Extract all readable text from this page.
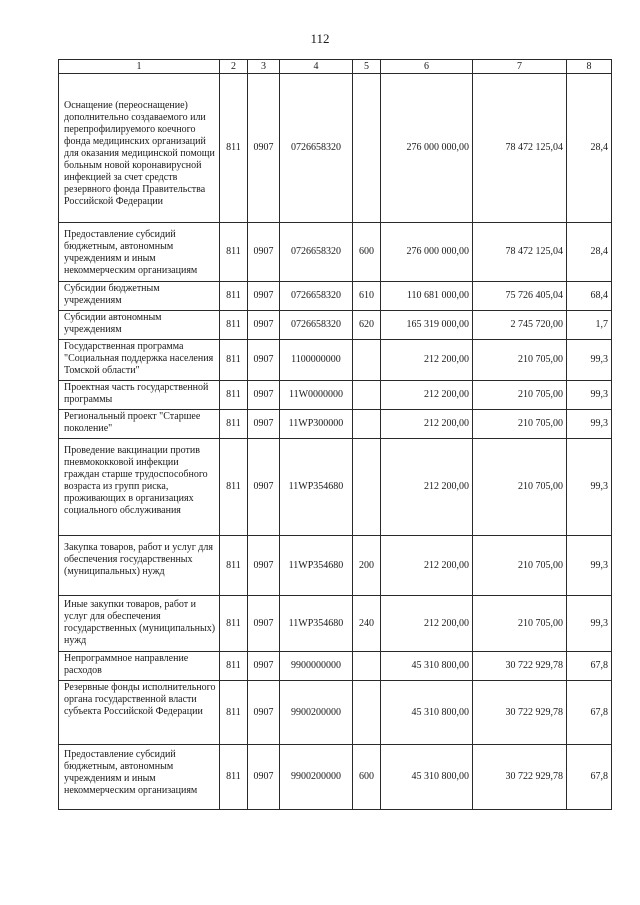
112
1	2	3	4	5	6	7	8
Оснащение (переоснащение) дополнительно создаваемого или перепрофилируемого коечного фонда медицинских организаций для оказания медицинской помощи больным новой коронавирусной инфекцией за счет средств резервного фонда Правительства Российской Федерации	811	0907	0726658320		276 000 000,00	78 472 125,04	28,4
Предоставление субсидий бюджетным, автономным учреждениям и иным некоммерческим организациям	811	0907	0726658320	600	276 000 000,00	78 472 125,04	28,4
Субсидии бюджетным учреждениям	811	0907	0726658320	610	110 681 000,00	75 726 405,04	68,4
Субсидии автономным учреждениям	811	0907	0726658320	620	165 319 000,00	2 745 720,00	1,7
Государственная программа "Социальная поддержка населения Томской области"	811	0907	1100000000		212 200,00	210 705,00	99,3
Проектная часть государственной программы	811	0907	11W0000000		212 200,00	210 705,00	99,3
Региональный проект "Старшее поколение"	811	0907	11WP300000		212 200,00	210 705,00	99,3
Проведение вакцинации против пневмококковой инфекции граждан старше трудоспособного возраста из групп риска, проживающих в организациях социального обслуживания	811	0907	11WP354680		212 200,00	210 705,00	99,3
Закупка товаров, работ и услуг для обеспечения государственных (муниципальных) нужд	811	0907	11WP354680	200	212 200,00	210 705,00	99,3
Иные закупки товаров, работ и услуг для обеспечения государственных (муниципальных) нужд	811	0907	11WP354680	240	212 200,00	210 705,00	99,3
Непрограммное направление расходов	811	0907	9900000000		45 310 800,00	30 722 929,78	67,8
Резервные фонды исполнительного органа государственной власти субъекта Российской Федерации	811	0907	9900200000		45 310 800,00	30 722 929,78	67,8
Предоставление субсидий бюджетным, автономным учреждениям и иным некоммерческим организациям	811	0907	9900200000	600	45 310 800,00	30 722 929,78	67,8
